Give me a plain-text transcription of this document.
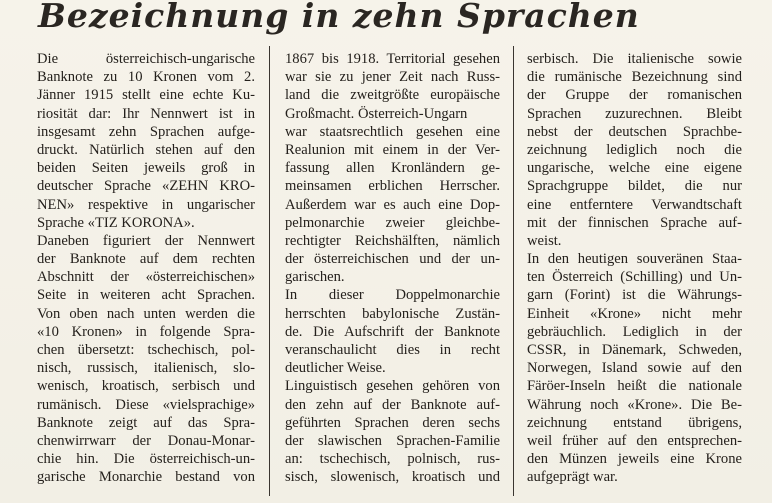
Bezeichnung in zehn Sprachen
Die österreichisch-ungarische
Banknote zu 10 Kronen vom 2.
Jänner 1915 stellt eine echte Ku-
riosität dar: Ihr Nennwert ist in
insgesamt zehn Sprachen aufge-
druckt. Natürlich stehen auf den
beiden Seiten jeweils groß in
deutscher Sprache «ZEHN KRO-
NEN» respektive in ungarischer
Sprache «TIZ KORONA».
Daneben figuriert der Nennwert
der Banknote auf dem rechten
Abschnitt der «österreichischen»
Seite in weiteren acht Sprachen.
Von oben nach unten werden die
«10 Kronen» in folgende Spra-
chen übersetzt: tschechisch, pol-
nisch, russisch, italienisch, slo-
wenisch, kroatisch, serbisch und
rumänisch. Diese «vielsprachige»
Banknote zeigt auf das Spra-
chenwirrwarr der Donau-Monar-
chie hin. Die österreichisch-un-
garische Monarchie bestand von
1867 bis 1918. Territorial gesehen
war sie zu jener Zeit nach Russ-
land die zweitgrößte europäische
Großmacht. Österreich-Ungarn
war staatsrechtlich gesehen eine
Realunion mit einem in der Ver-
fassung allen Kronländern ge-
meinsamen erblichen Herrscher.
Außerdem war es auch eine Dop-
pelmonarchie zweier gleichbe-
rechtigter Reichshälften, nämlich
der österreichischen und der un-
garischen.
In dieser Doppelmonarchie
herrschten babylonische Zustän-
de. Die Aufschrift der Banknote
veranschaulicht dies in recht
deutlicher Weise.
Linguistisch gesehen gehören von
den zehn auf der Banknote auf-
geführten Sprachen deren sechs
der slawischen Sprachen-Familie
an: tschechisch, polnisch, rus-
sisch, slowenisch, kroatisch und
serbisch. Die italienische sowie
die rumänische Bezeichnung sind
der Gruppe der romanischen
Sprachen zuzurechnen. Bleibt
nebst der deutschen Sprachbe-
zeichnung lediglich noch die
ungarische, welche eine eigene
Sprachgruppe bildet, die nur
eine entferntere Verwandtschaft
mit der finnischen Sprache auf-
weist.
In den heutigen souveränen Staa-
ten Österreich (Schilling) und Un-
garn (Forint) ist die Währungs-
Einheit «Krone» nicht mehr
gebräuchlich. Lediglich in der
CSSR, in Dänemark, Schweden,
Norwegen, Island sowie auf den
Färöer-Inseln heißt die nationale
Währung noch «Krone». Die Be-
zeichnung entstand übrigens,
weil früher auf den entsprechen-
den Münzen jeweils eine Krone
aufgeprägt war.
